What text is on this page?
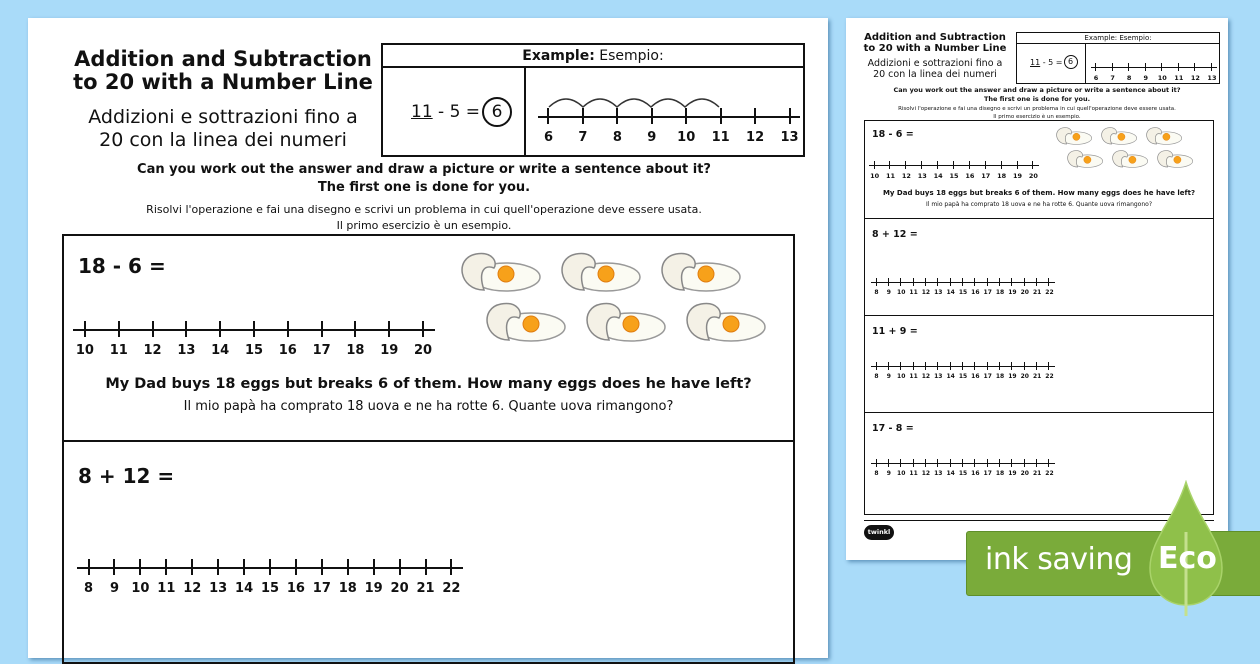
Addition and Subtraction
to 20 with a Number Line
Addizioni e sottrazioni fino a
20 con la linea dei numeri
Example: Esempio:
11 - 5 = 6
6 7 8 9 10 11 12 13
Can you work out the answer and draw a picture or write a sentence about it?
The first one is done for you.
Risolvi l'operazione e fai una disegno e scrivi un problema in cui quell'operazione deve essere usata.
Il primo esercizio è un esempio.
18 - 6 =
10 11 12 13 14 15 16 17 18 19 20
My Dad buys 18 eggs but breaks 6 of them. How many eggs does he have left?
Il mio papà ha comprato 18 uova e ne ha rotte 6. Quante uova rimangono?
8 + 12 =
8 9 10 11 12 13 14 15 16 17 18 19 20 21 22
Addition and Subtraction
to 20 with a Number Line
Addizioni e sottrazioni fino a
20 con la linea dei numeri
Example: Esempio:
11 - 5 = 6
6 7 8 9 10 11 12 13
Can you work out the answer and draw a picture or write a sentence about it?
The first one is done for you.
Risolvi l'operazione e fai una disegno e scrivi un problema in cui quell'operazione deve essere usata.
Il primo esercizio è un esempio.
18 - 6 =
10 11 12 13 14 15 16 17 18 19 20
My Dad buys 18 eggs but breaks 6 of them. How many eggs does he have left?
Il mio papà ha comprato 18 uova e ne ha rotte 6. Quante uova rimangono?
8 + 12 =
8 9 10 11 12 13 14 15 16 17 18 19 20 21 22
11 + 9 =
8 9 10 11 12 13 14 15 16 17 18 19 20 21 22
17 - 8 =
8 9 10 11 12 13 14 15 16 17 18 19 20 21 22
twinkl
ink saving Eco
